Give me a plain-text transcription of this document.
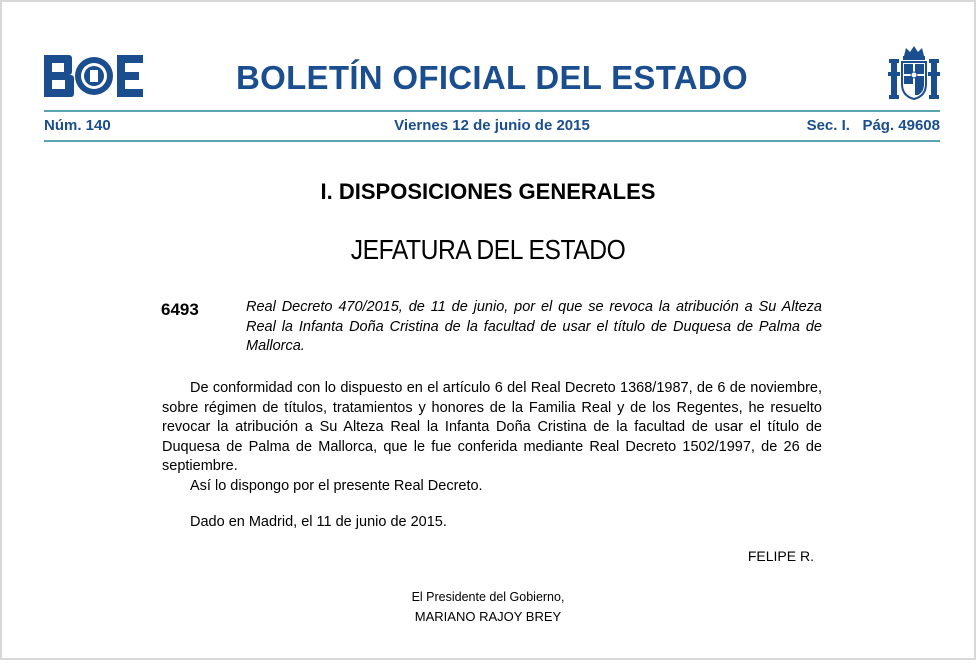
BOLETÍN OFICIAL DEL ESTADO
Núm. 140	Viernes 12 de junio de 2015	Sec. I.   Pág. 49608
I. DISPOSICIONES GENERALES
JEFATURA DEL ESTADO
6493	Real Decreto 470/2015, de 11 de junio, por el que se revoca la atribución a Su Alteza Real la Infanta Doña Cristina de la facultad de usar el título de Duquesa de Palma de Mallorca.

De conformidad con lo dispuesto en el artículo 6 del Real Decreto 1368/1987, de 6 de noviembre, sobre régimen de títulos, tratamientos y honores de la Familia Real y de los Regentes, he resuelto revocar la atribución a Su Alteza Real la Infanta Doña Cristina de la facultad de usar el título de Duquesa de Palma de Mallorca, que le fue conferida mediante Real Decreto 1502/1997, de 26 de septiembre.

Así lo dispongo por el presente Real Decreto.

Dado en Madrid, el 11 de junio de 2015.
FELIPE R.
El Presidente del Gobierno,
MARIANO RAJOY BREY
